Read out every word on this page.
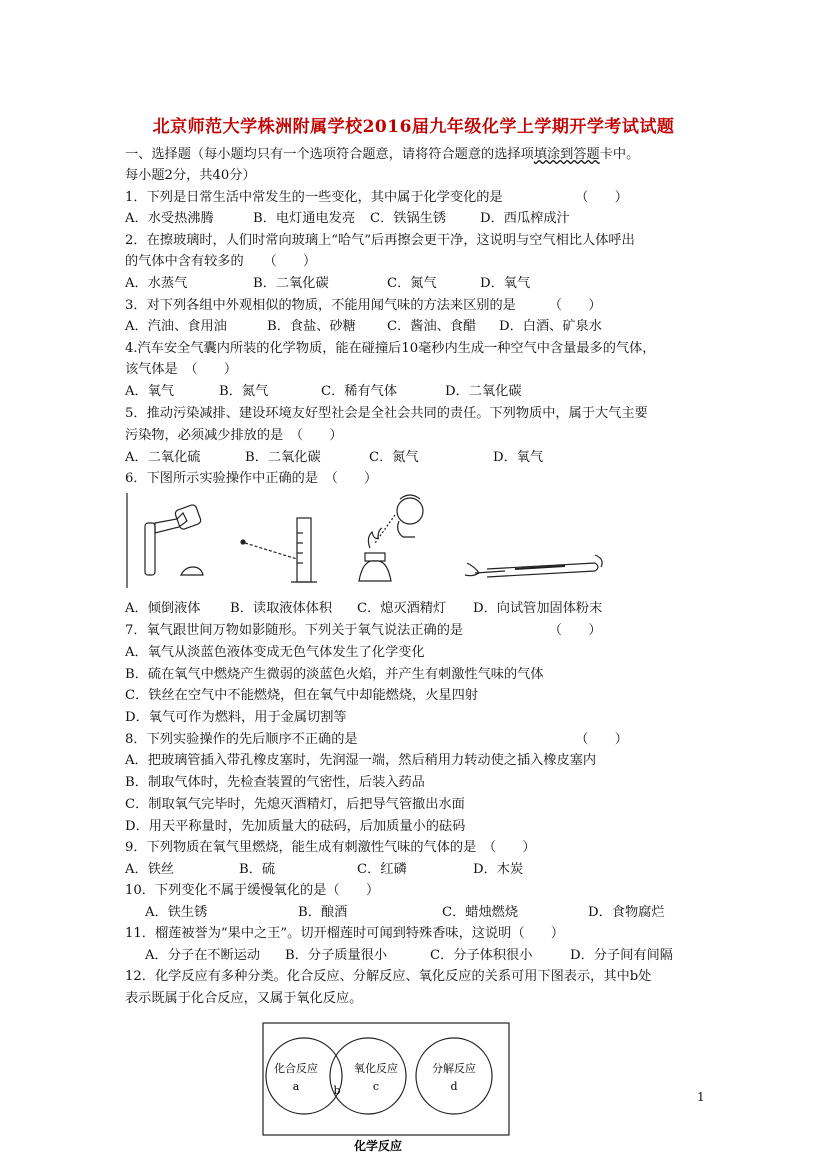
北京师范大学株洲附属学校2016届九年级化学上学期开学考试试题
一、选择题（每小题均只有一个选项符合题意，请将符合题意的选择项填涂到答题卡中。
每小题2分，共40分）
1．下列是日常生活中常发生的一些变化，其中属于化学变化的是　　　　　　（　　）
A．水受热沸腾	B．电灯通电发亮 C．铁锅生锈	D．西瓜榨成汁
2．在擦玻璃时，人们时常向玻璃上“哈气”后再擦会更干净，这说明与空气相比人体呼出
的气体中含有较多的　　（　　）
A．水蒸气	B．二氧化碳	C．氮气	D．氧气
3．对下列各组中外观相似的物质，不能用闻气味的方法来区别的是　　　（　　）
A．汽油、食用油	B．食盐、砂糖 C．酱油、食醋 D．白酒、矿泉水
4.汽车安全气囊内所装的化学物质，能在碰撞后10毫秒内生成一种空气中含量最多的气体，
该气体是　（　　）
A．氧气	B．氮气	C．稀有气体	D．二氧化碳
5．推动污染减排、建设环境友好型社会是全社会共同的责任。下列物质中，属于大气主要
污染物，必须减少排放的是　（　　）
A．二氧化硫	B．二氧化碳	C．氮气	D．氧气
6．下图所示实验操作中正确的是　（　　）
A．倾倒液体 B．读取液体体积 C．熄灭酒精灯 D．向试管加固体粉末
7．氧气跟世间万物如影随形。下列关于氧气说法正确的是　　　　　　　（　　）
A．氧气从淡蓝色液体变成无色气体发生了化学变化
B．硫在氧气中燃烧产生微弱的淡蓝色火焰，并产生有刺激性气味的气体
C．铁丝在空气中不能燃烧，但在氧气中却能燃烧，火星四射
D．氧气可作为燃料，用于金属切割等
8．下列实验操作的先后顺序不正确的是　　　　　　　　　　　　　　　　　（　　）
A．把玻璃管插入带孔橡皮塞时，先润湿一端，然后稍用力转动使之插入橡皮塞内
B．制取气体时，先检查装置的气密性，后装入药品
C．制取氧气完毕时，先熄灭酒精灯，后把导气管撤出水面
D．用天平称量时，先加质量大的砝码，后加质量小的砝码
9．下列物质在氧气里燃烧，能生成有刺激性气味的气体的是　（　　）
A．铁丝	B．硫	C．红磷	D．木炭
10．下列变化不属于缓慢氧化的是（　　）
A．铁生锈	B．酿酒	C．蜡烛燃烧	D．食物腐烂
11．榴莲被誉为“果中之王”。切开榴莲时可闻到特殊香味，这说明（　　）
A．分子在不断运动 B．分子质量很小	C．分子体积很小	D．分子间有间隔
12．化学反应有多种分类。化合反应、分解反应、氧化反应的关系可用下图表示，其中b处
表示既属于化合反应，又属于氧化反应。
化合反应
a	b
氧化反应
c
分解反应
d
化学反应
1
